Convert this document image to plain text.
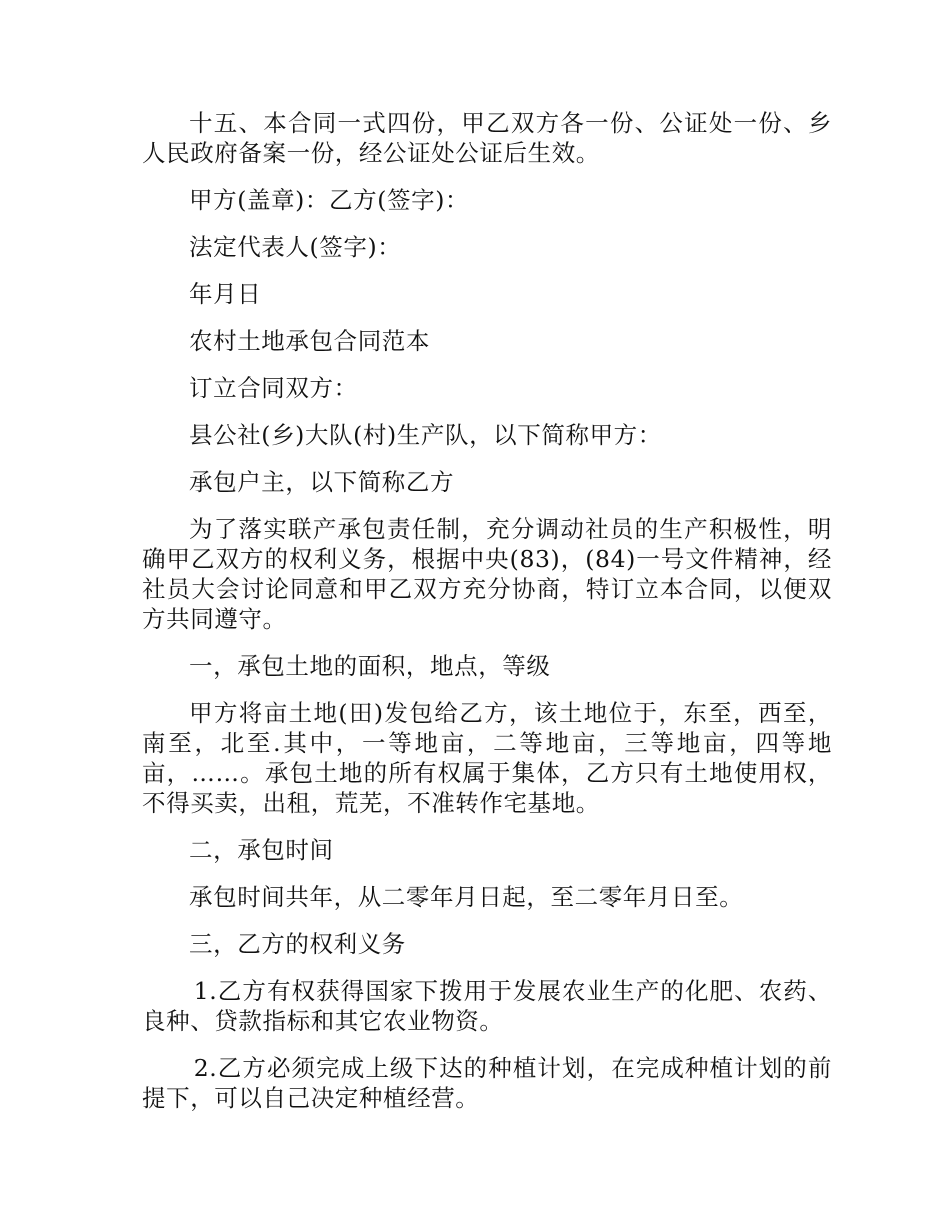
十五、本合同一式四份，甲乙双方各一份、公证处一份、乡人民政府备案一份，经公证处公证后生效。

甲方(盖章)：乙方(签字)：

法定代表人(签字)：

年月日

农村土地承包合同范本

订立合同双方：

县公社(乡)大队(村)生产队，以下简称甲方：

承包户主，以下简称乙方

为了落实联产承包责任制，充分调动社员的生产积极性，明确甲乙双方的权利义务，根据中央(83)，(84)一号文件精神，经社员大会讨论同意和甲乙双方充分协商，特订立本合同，以便双方共同遵守。

一，承包土地的面积，地点，等级

甲方将亩土地(田)发包给乙方，该土地位于，东至，西至，南至，北至.其中，一等地亩，二等地亩，三等地亩，四等地亩，……。承包土地的所有权属于集体，乙方只有土地使用权，不得买卖，出租，荒芜，不准转作宅基地。

二，承包时间

承包时间共年，从二零年月日起，至二零年月日至。

三，乙方的权利义务

1.乙方有权获得国家下拨用于发展农业生产的化肥、农药、良种、贷款指标和其它农业物资。

2.乙方必须完成上级下达的种植计划，在完成种植计划的前提下，可以自己决定种植经营。
